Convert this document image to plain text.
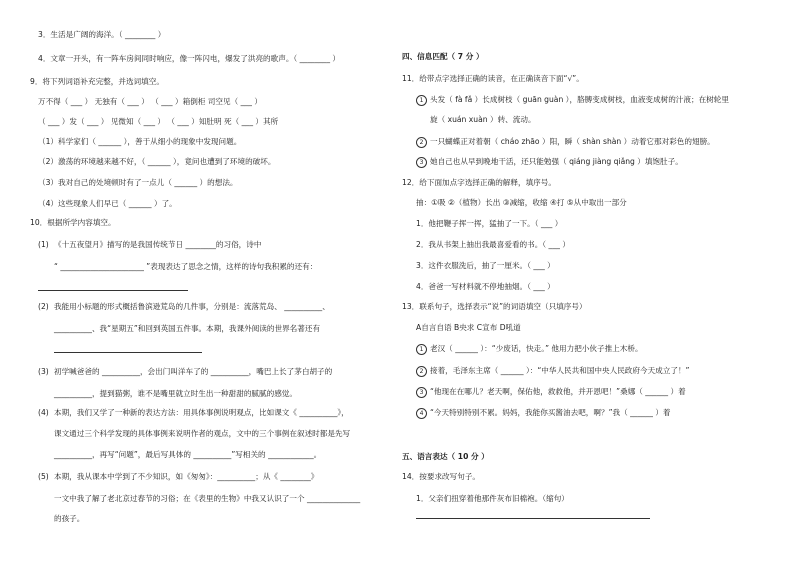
3．生活是广阔的海洋。（ ________ ）
4．文章一开头，有一阵车房间同时响应，像一阵闪电，爆发了洪亮的歌声。（ ________ ）
9．将下列词语补充完整，并选词填空。
万不得（ ___ ） 无独有（ ___ ） （ ___ ）箱倒柜 司空见（ ___ ）
（ ___ ）发（ ___ ） 见微知（ ___ ） （ ___ ）知肚明 死（ ___ ）其所
（1）科学家们（ ______ ），善于从细小的现象中发现问题。
（2）激荡的环境越来越不好，（ ______ ），竟问也遭到了环境的破坏。
（3）我对自己的处境顿时有了一点儿（ ______ ）的想法。
（4）这些现象人们早已（ ______ ）了。
10．根据所学内容填空。
(1) 《十五夜望月》描写的是我国传统节日 ________的习俗，诗中
“ ______________________ ”表现表达了思念之情，这样的诗句我积累的还有：
(2) 我能用小标题的形式概括鲁滨逊荒岛的几件事，分别是：流落荒岛、 __________、
__________、我“星期五”和回到英国五件事。本期，我课外阅读的世界名著还有
(3) 初学喊爸爸的 __________，会出门叫洋车了的 __________，嘴巴上长了茅白胡子的
__________，提到猫粥，谁不是嘴里就立时生出一种甜甜的腻腻的感觉。
(4) 本期，我们又学了一种新的表达方法：用具体事例说明观点，比如课文《 __________》，
课文通过三个科学发现的具体事例来说明作者的观点，文中的三个事例在叙述时都是先写
__________，再写“问题”，最后写具体的 __________”写相关的 ____________。
(5) 本期，我从课本中学到了不少知识，如《匆匆》：__________；从《 ________》
一文中我了解了老北京过春节的习俗；在《表里的生物》中我又认识了一个 ______________
的孩子。
四、信息匹配（ 7 分 ）
11．给带点字选择正确的读音，在正确读音下面“√”。
1 头发（ fà fǎ ）长成树枝（ guān guàn ），胳膊变成树枝，血液变成树的汁液；在树轮里
旋（ xuán xuàn ）转、流动。
2 一只蝴蝶正对着朝（ cháo zhāo ）阳，瞬（ shàn shàn ）动着它那对彩色的翅膀。
3 她自己也从早到晚地干活，还只能勉强（ qiáng jiàng qiǎng ）填饱肚子。
12．给下面加点字选择正确的解释，填序号。
抽：①吸 ②（植物）长出 ③减缩，收缩 ④打 ⑤从中取出一部分
1．他把鞭子挥一挥，猛抽了一下。（ ___ ）
2．我从书架上抽出我最喜爱看的书。（ ___ ）
3．这件衣服洗后，抽了一厘米。（ ___ ）
4．爸爸一写材料就不停地抽烟。（ ___ ）
13．联系句子，选择表示“说”的词语填空（只填序号）
A自言自语 B央求 C宣布 D吼道
1 老汉（ ______ ）：“少废话，快走。” 他用力把小伙子推上木桥。
2 接着，毛泽东主席（ ______ ）：“中华人民共和国中央人民政府今天成立了！”
3 “他现在在哪儿？老天啊，保佑他，救救他，并开恩吧！”桑娜（ ______ ）着
4 “今天特别特别不累。妈妈，我能你买酱油去吧，啊？”我（ ______ ）着
五、语言表达（ 10 分 ）
14．按要求改写句子。
1．父亲们扭穿着他那件灰布旧棉袍。（缩句）
